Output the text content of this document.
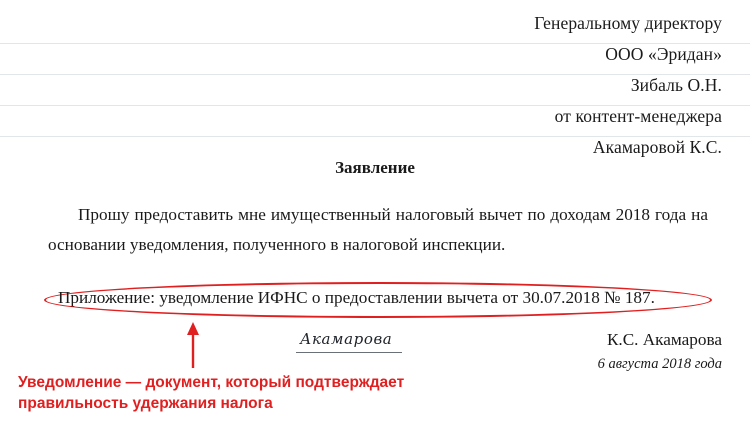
Генеральному директору
ООО «Эридан»
Зибаль О.Н.
от контент-менеджера
Акамаровой К.С.
Заявление

Прошу предоставить мне имущественный налоговый вычет по доходам 2018 года на основании уведомления, полученного в налоговой инспекции.

Приложение: уведомление ИФНС о предоставлении вычета от 30.07.2018 № 187.
Акамарова	К.С. Акамарова
6 августа 2018 года
Уведомление — документ, который подтверждает
правильность удержания налога
